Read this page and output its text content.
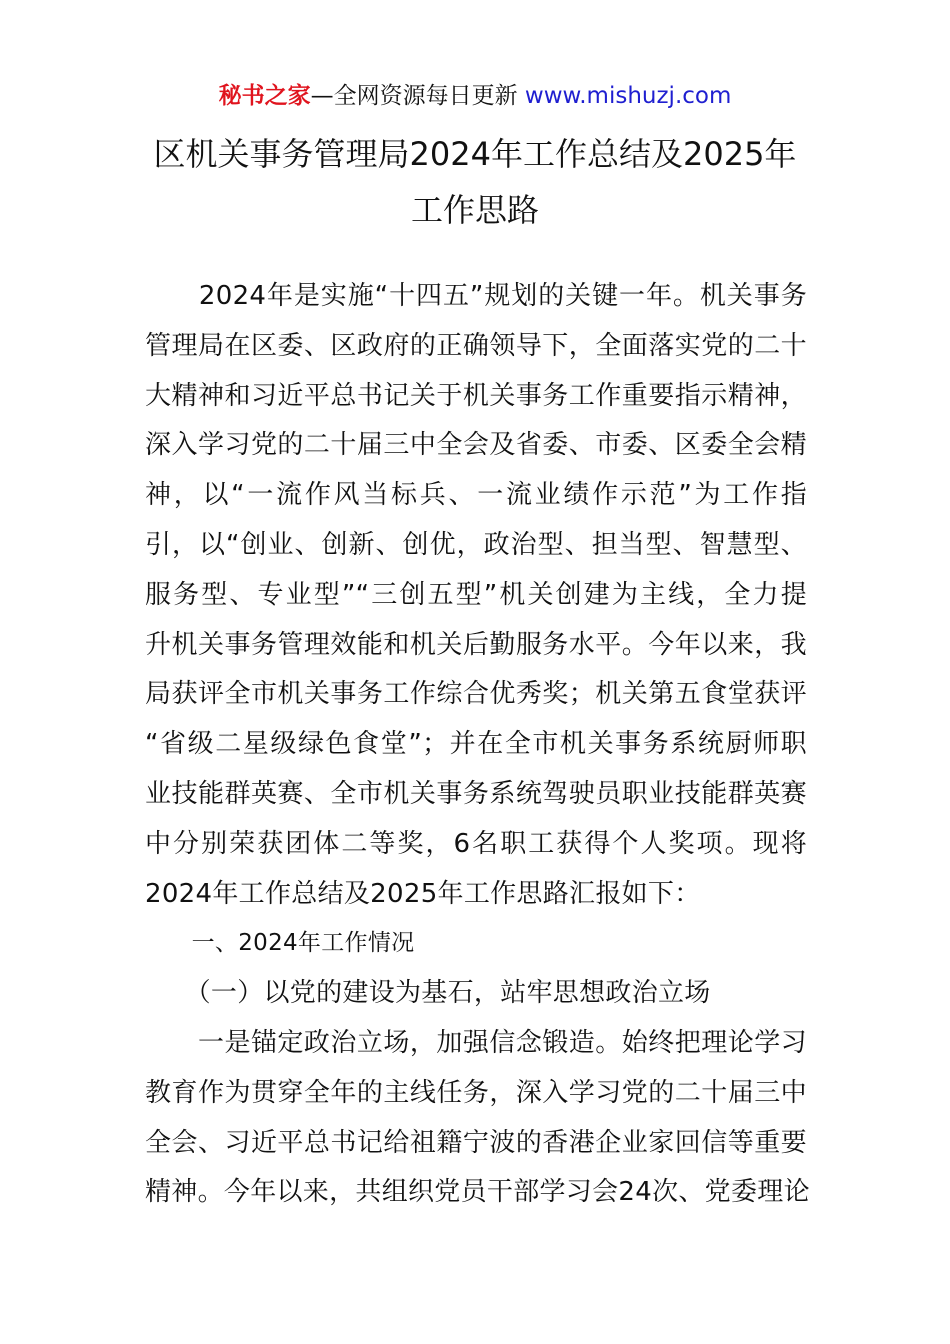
秘书之家—全网资源每日更新 www.mishuzj.com
区机关事务管理局2024年工作总结及2025年
工作思路
　　2024年是实施“十四五”规划的关键一年。机关事务
管理局在区委、区政府的正确领导下，全面落实党的二十
大精神和习近平总书记关于机关事务工作重要指示精神，
深入学习党的二十届三中全会及省委、市委、区委全会精
神，以“一流作风当标兵、一流业绩作示范”为工作指
引，以“创业、创新、创优，政治型、担当型、智慧型、
服务型、专业型”“三创五型”机关创建为主线，全力提
升机关事务管理效能和机关后勤服务水平。今年以来，我
局获评全市机关事务工作综合优秀奖；机关第五食堂获评
“省级二星级绿色食堂”；并在全市机关事务系统厨师职
业技能群英赛、全市机关事务系统驾驶员职业技能群英赛
中分别荣获团体二等奖，6名职工获得个人奖项。现将
2024年工作总结及2025年工作思路汇报如下：
　　一、2024年工作情况
　　（一）以党的建设为基石，站牢思想政治立场
　　一是锚定政治立场，加强信念锻造。始终把理论学习
教育作为贯穿全年的主线任务，深入学习党的二十届三中
全会、习近平总书记给祖籍宁波的香港企业家回信等重要
精神。今年以来，共组织党员干部学习会24次、党委理论
